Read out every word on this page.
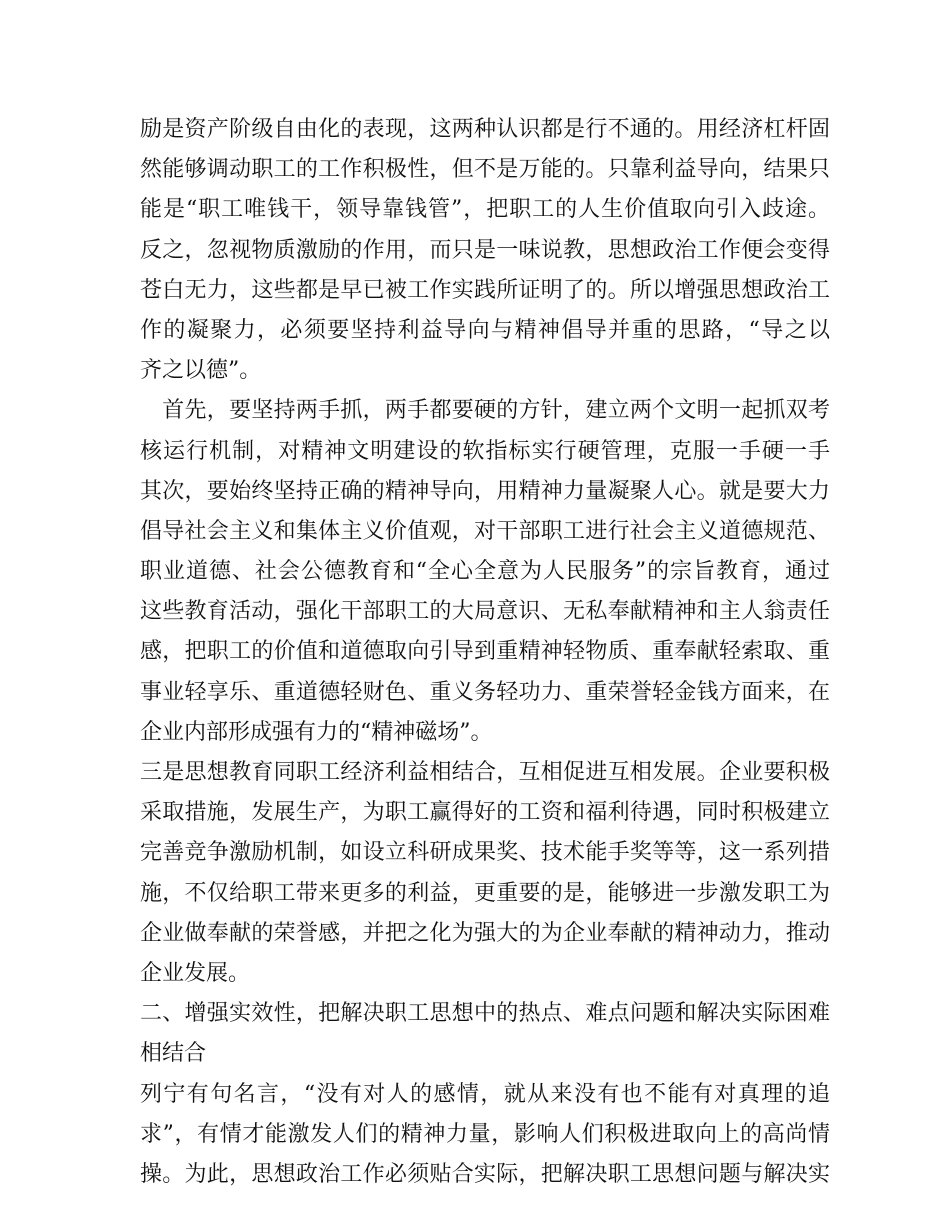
励是资产阶级自由化的表现，这两种认识都是行不通的。用经济杠杆固
然能够调动职工的工作积极性，但不是万能的。只靠利益导向，结果只
能是“职工唯钱干，领导靠钱管”，把职工的人生价值取向引入歧途。
反之，忽视物质激励的作用，而只是一味说教，思想政治工作便会变得
苍白无力，这些都是早已被工作实践所证明了的。所以增强思想政治工
作的凝聚力，必须要坚持利益导向与精神倡导并重的思路，“导之以
齐之以德”。
　首先，要坚持两手抓，两手都要硬的方针，建立两个文明一起抓双考
核运行机制，对精神文明建设的软指标实行硬管理，克服一手硬一手
其次，要始终坚持正确的精神导向，用精神力量凝聚人心。就是要大力
倡导社会主义和集体主义价值观，对干部职工进行社会主义道德规范、
职业道德、社会公德教育和“全心全意为人民服务”的宗旨教育，通过
这些教育活动，强化干部职工的大局意识、无私奉献精神和主人翁责任
感，把职工的价值和道德取向引导到重精神轻物质、重奉献轻索取、重
事业轻享乐、重道德轻财色、重义务轻功力、重荣誉轻金钱方面来，在
企业内部形成强有力的“精神磁场”。
三是思想教育同职工经济利益相结合，互相促进互相发展。企业要积极
采取措施，发展生产，为职工赢得好的工资和福利待遇，同时积极建立
完善竞争激励机制，如设立科研成果奖、技术能手奖等等，这一系列措
施，不仅给职工带来更多的利益，更重要的是，能够进一步激发职工为
企业做奉献的荣誉感，并把之化为强大的为企业奉献的精神动力，推动
企业发展。
二、增强实效性，把解决职工思想中的热点、难点问题和解决实际困难
相结合
列宁有句名言，“没有对人的感情，就从来没有也不能有对真理的追
求”，有情才能激发人们的精神力量，影响人们积极进取向上的高尚情
操。为此，思想政治工作必须贴合实际，把解决职工思想问题与解决实
